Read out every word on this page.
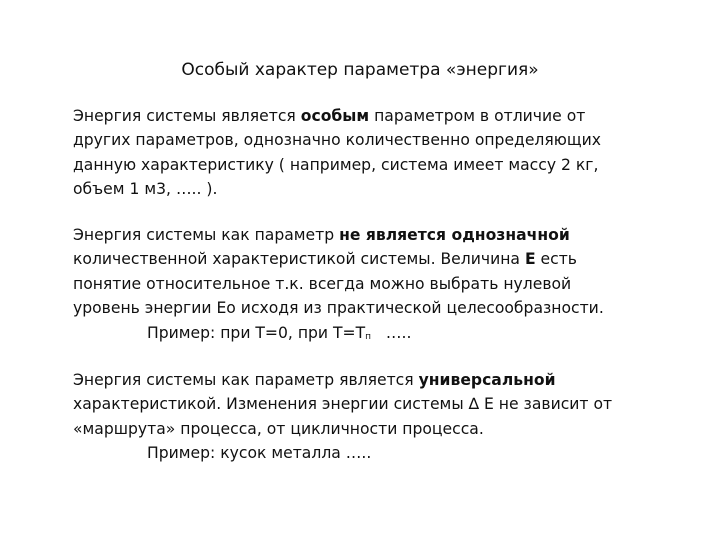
Особый характер параметра «энергия»
Энергия системы является особым параметром в отличие от
других параметров, однозначно количественно определяющих
данную характеристику ( например, система имеет массу 2 кг,
объем 1 м3, ….. ).
Энергия системы как параметр не является однозначной
количественной характеристикой системы. Величина Е есть
понятие относительное т.к. всегда можно выбрать нулевой
уровень энергии Ео исходя из практической целесообразности.
Пример: при Т=0, при Т=Тп   …..
Энергия системы как параметр является универсальной
характеристикой. Изменения энергии системы ∆ Е не зависит от
«маршрута» процесса, от цикличности процесса.
Пример: кусок металла …..
